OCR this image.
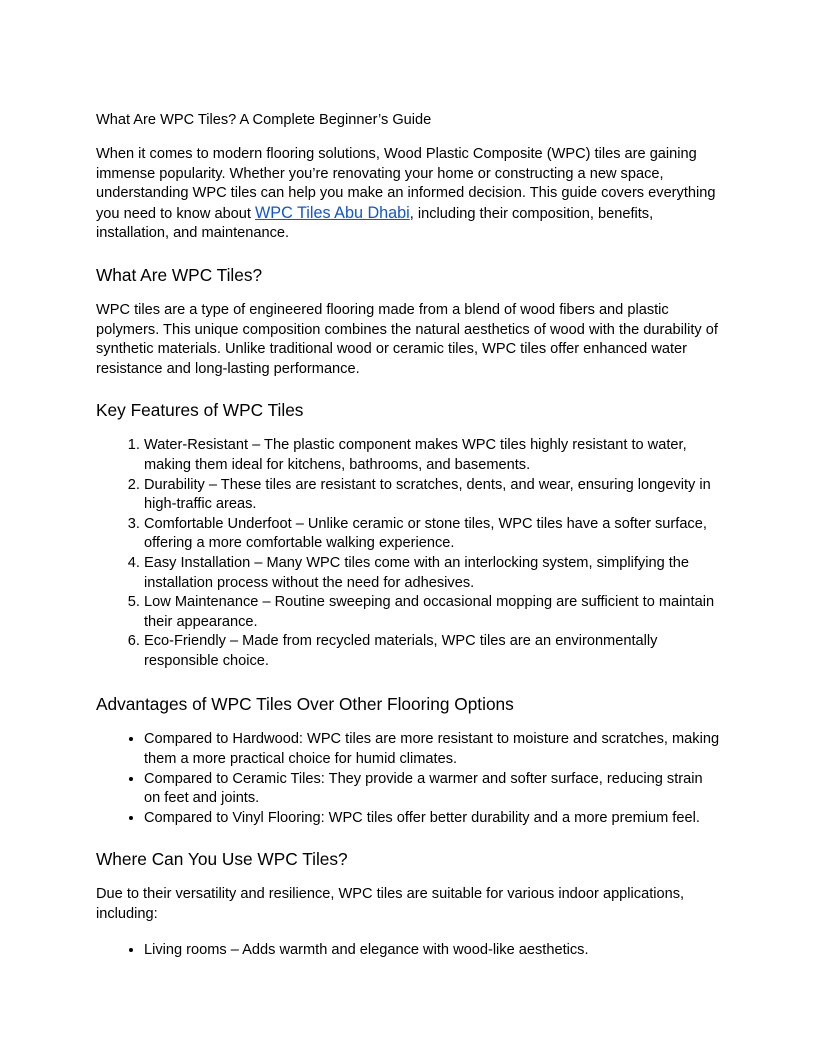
What Are WPC Tiles? A Complete Beginner’s Guide

When it comes to modern flooring solutions, Wood Plastic Composite (WPC) tiles are gaining immense popularity. Whether you’re renovating your home or constructing a new space, understanding WPC tiles can help you make an informed decision. This guide covers everything you need to know about WPC Tiles Abu Dhabi, including their composition, benefits, installation, and maintenance.

What Are WPC Tiles?

WPC tiles are a type of engineered flooring made from a blend of wood fibers and plastic polymers. This unique composition combines the natural aesthetics of wood with the durability of synthetic materials. Unlike traditional wood or ceramic tiles, WPC tiles offer enhanced water resistance and long-lasting performance.

Key Features of WPC Tiles
1. Water-Resistant – The plastic component makes WPC tiles highly resistant to water, making them ideal for kitchens, bathrooms, and basements.
2. Durability – These tiles are resistant to scratches, dents, and wear, ensuring longevity in high-traffic areas.
3. Comfortable Underfoot – Unlike ceramic or stone tiles, WPC tiles have a softer surface, offering a more comfortable walking experience.
4. Easy Installation – Many WPC tiles come with an interlocking system, simplifying the installation process without the need for adhesives.
5. Low Maintenance – Routine sweeping and occasional mopping are sufficient to maintain their appearance.
6. Eco-Friendly – Made from recycled materials, WPC tiles are an environmentally responsible choice.
Advantages of WPC Tiles Over Other Flooring Options
• Compared to Hardwood: WPC tiles are more resistant to moisture and scratches, making them a more practical choice for humid climates.
• Compared to Ceramic Tiles: They provide a warmer and softer surface, reducing strain on feet and joints.
• Compared to Vinyl Flooring: WPC tiles offer better durability and a more premium feel.
Where Can You Use WPC Tiles?

Due to their versatility and resilience, WPC tiles are suitable for various indoor applications, including:

• Living rooms – Adds warmth and elegance with wood-like aesthetics.
